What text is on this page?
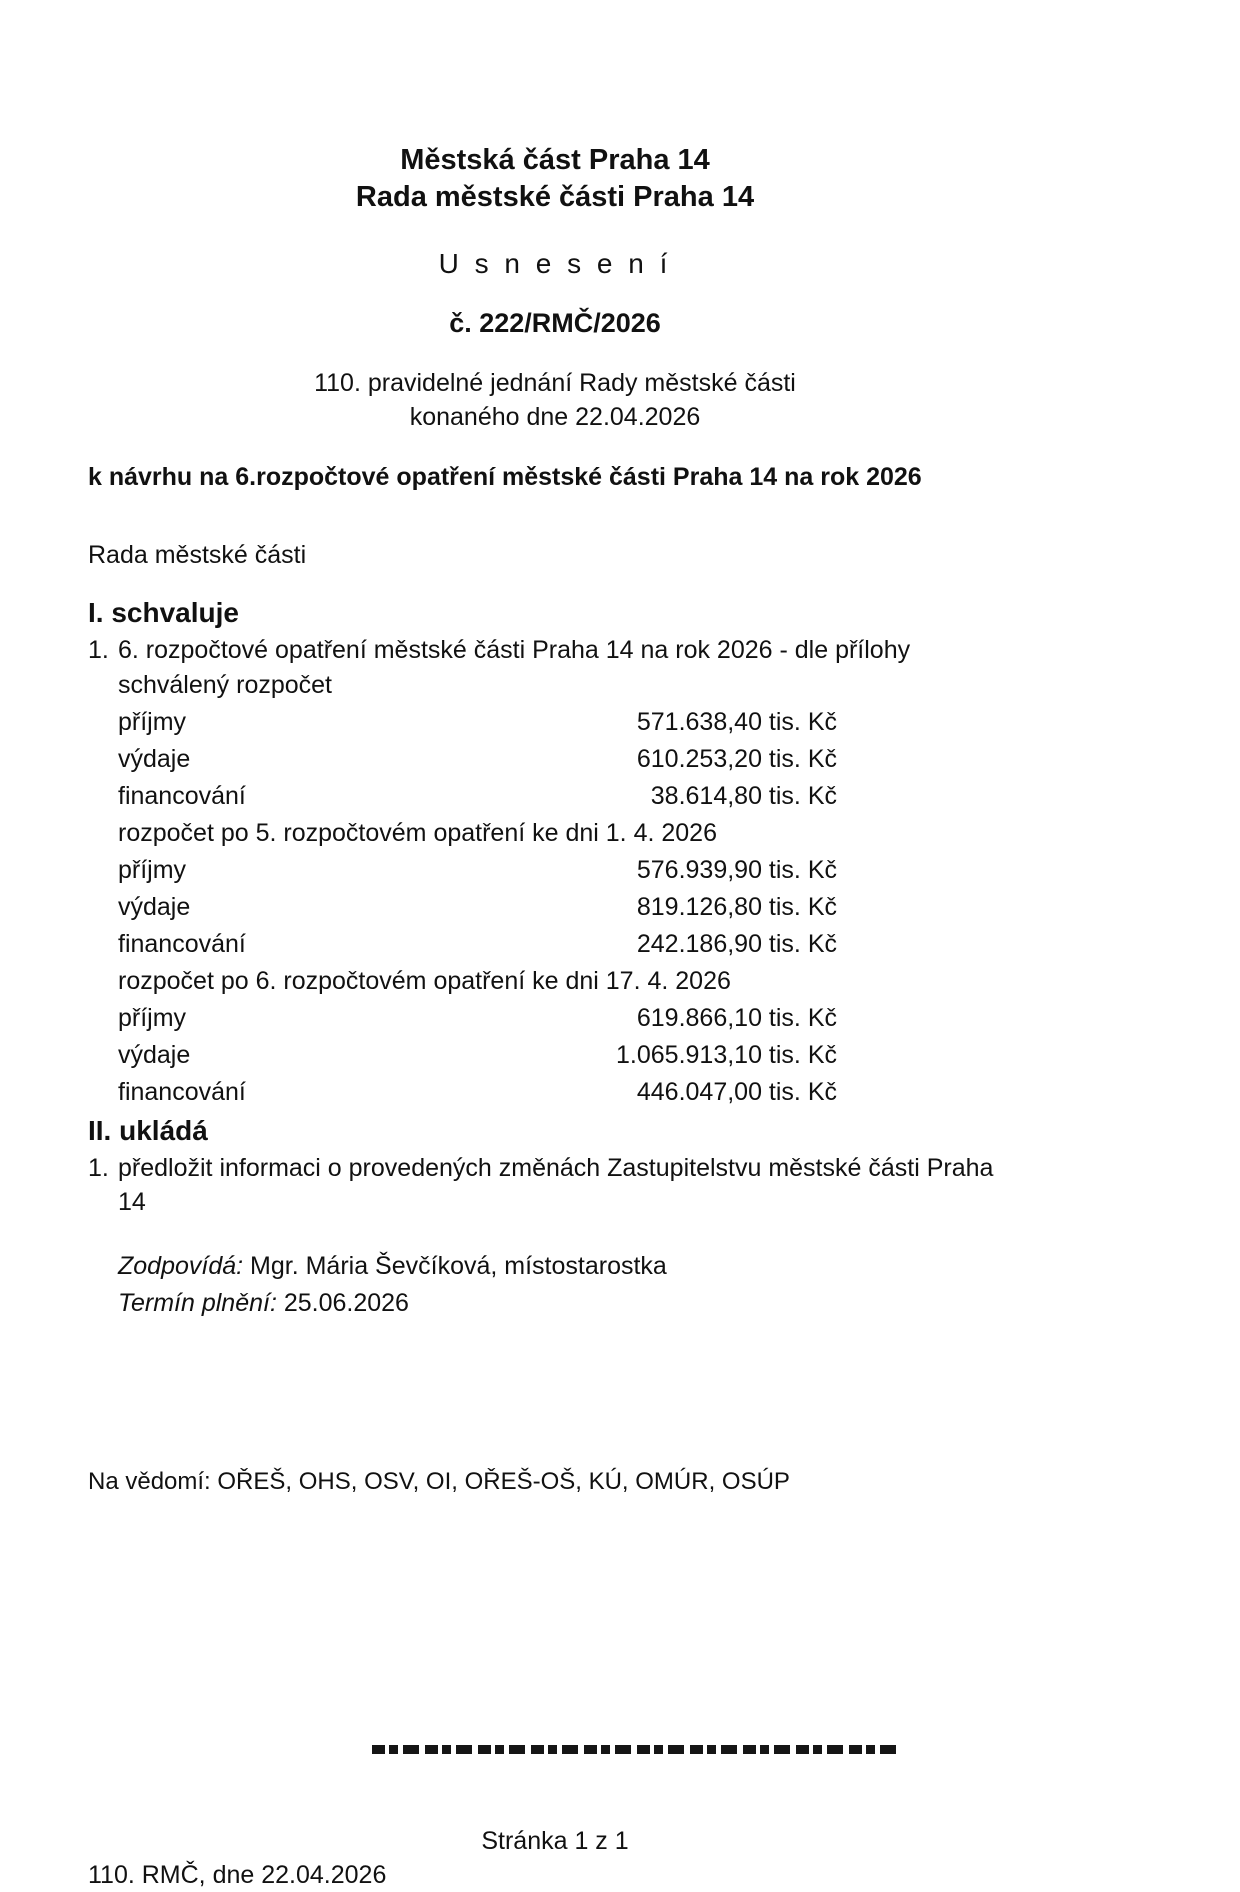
Městská část Praha 14
Rada městské části Praha 14
U s n e s e n í
č. 222/RMČ/2026
110. pravidelné jednání Rady městské části
konaného dne 22.04.2026
k návrhu na 6.rozpočtové opatření městské části Praha 14 na rok 2026
Rada městské části
I. schvaluje
1. 6. rozpočtové opatření městské části Praha 14 na rok 2026 - dle přílohy
schválený rozpočet
příjmy	571.638,40 tis. Kč
výdaje	610.253,20 tis. Kč
financování	38.614,80 tis. Kč
rozpočet po 5. rozpočtovém opatření ke dni 1. 4. 2026
příjmy	576.939,90 tis. Kč
výdaje	819.126,80 tis. Kč
financování	242.186,90 tis. Kč
rozpočet po 6. rozpočtovém opatření ke dni 17. 4. 2026
příjmy	619.866,10 tis. Kč
výdaje	1.065.913,10 tis. Kč
financování	446.047,00 tis. Kč
II. ukládá
1. předložit informaci o provedených změnách Zastupitelstvu městské části Praha 14
Zodpovídá: Mgr. Mária Ševčíková, místostarostka
Termín plnění: 25.06.2026
Na vědomí: OŘEŠ, OHS, OSV, OI, OŘEŠ-OŠ, KÚ, OMÚR, OSÚP
Stránka 1 z 1
110. RMČ, dne 22.04.2026
